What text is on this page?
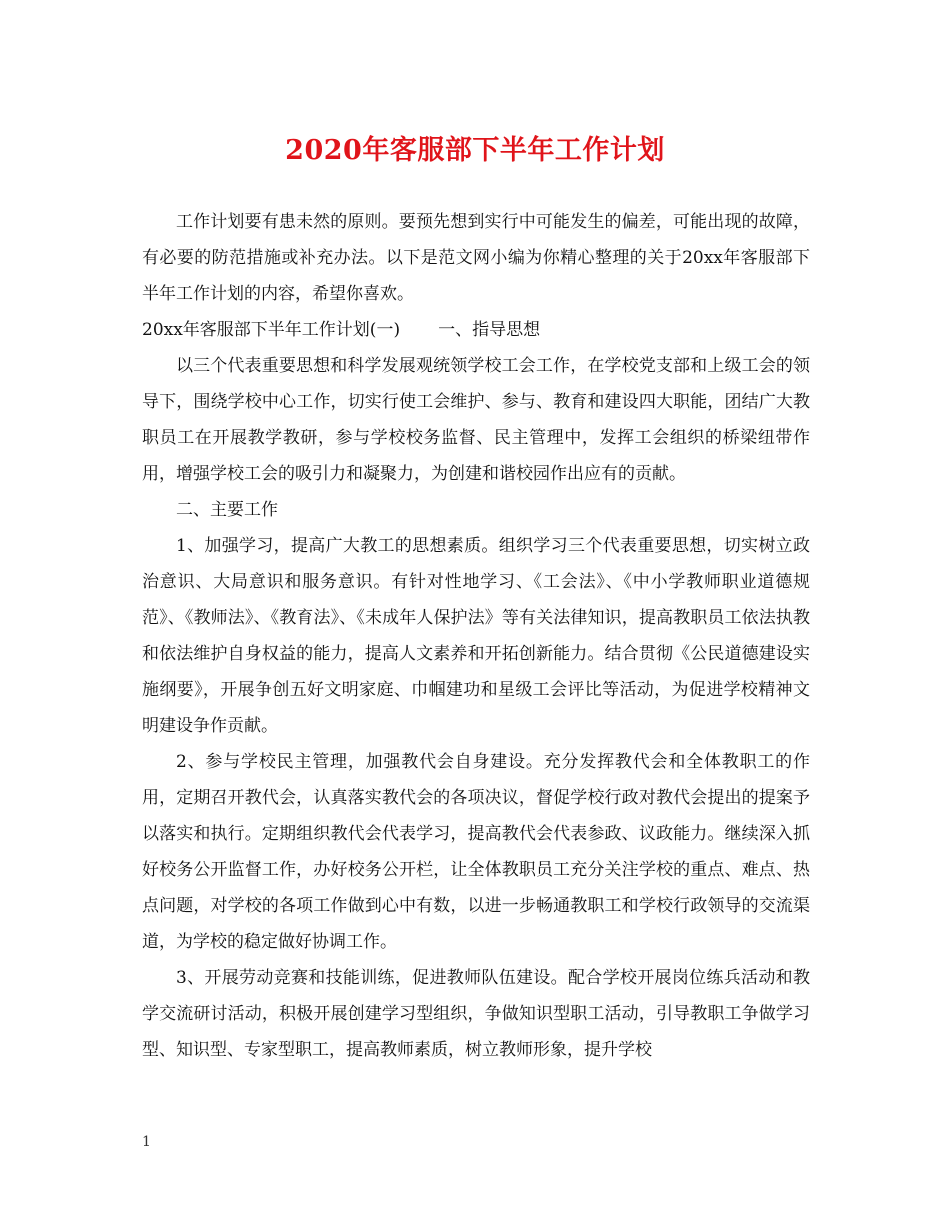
2020年客服部下半年工作计划

工作计划要有患未然的原则。要预先想到实行中可能发生的偏差，可能出现的故障，有必要的防范措施或补充办法。以下是范文网小编为你精心整理的关于20xx年客服部下半年工作计划的内容，希望你喜欢。

20xx年客服部下半年工作计划(一) 一、指导思想

以三个代表重要思想和科学发展观统领学校工会工作，在学校党支部和上级工会的领导下，围绕学校中心工作，切实行使工会维护、参与、教育和建设四大职能，团结广大教职员工在开展教学教研，参与学校校务监督、民主管理中，发挥工会组织的桥梁纽带作用，增强学校工会的吸引力和凝聚力，为创建和谐校园作出应有的贡献。

二、主要工作

1、加强学习，提高广大教工的思想素质。组织学习三个代表重要思想，切实树立政治意识、大局意识和服务意识。有针对性地学习、《工会法》、《中小学教师职业道德规范》、《教师法》、《教育法》、《未成年人保护法》等有关法律知识，提高教职员工依法执教和依法维护自身权益的能力，提高人文素养和开拓创新能力。结合贯彻《公民道德建设实施纲要》，开展争创五好文明家庭、巾帼建功和星级工会评比等活动，为促进学校精神文明建设争作贡献。

2、参与学校民主管理，加强教代会自身建设。充分发挥教代会和全体教职工的作用，定期召开教代会，认真落实教代会的各项决议，督促学校行政对教代会提出的提案予以落实和执行。定期组织教代会代表学习，提高教代会代表参政、议政能力。继续深入抓好校务公开监督工作，办好校务公开栏，让全体教职员工充分关注学校的重点、难点、热点问题，对学校的各项工作做到心中有数，以进一步畅通教职工和学校行政领导的交流渠道，为学校的稳定做好协调工作。

3、开展劳动竞赛和技能训练，促进教师队伍建设。配合学校开展岗位练兵活动和教学交流研讨活动，积极开展创建学习型组织，争做知识型职工活动，引导教职工争做学习型、知识型、专家型职工，提高教师素质，树立教师形象，提升学校

1
